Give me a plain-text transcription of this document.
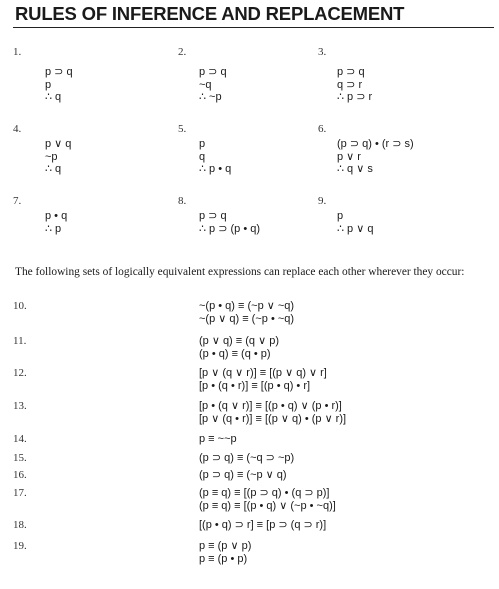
RULES OF INFERENCE AND REPLACEMENT
The following sets of logically equivalent expressions can replace each other wherever they occur:
1.
p ⊃ q
p
∴ q
2.
p ⊃ q
~q
∴ ~p
3.
p ⊃ q
q ⊃ r
∴ p ⊃ r
4.
p ∨ q
~p
∴ q
5.
p
q
∴ p • q
6.
(p ⊃ q) • (r ⊃ s)
p ∨ r
∴ q ∨ s
7.
p • q
∴ p
8.
p ⊃ q
∴ p ⊃ (p • q)
9.
p
∴ p ∨ q
10.	~(p • q) ≡ (~p ∨ ~q)
~(p ∨ q) ≡ (~p • ~q)
11.	(p ∨ q) ≡ (q ∨ p)
(p • q) ≡ (q • p)
12.	[p ∨ (q ∨ r)] ≡ [(p ∨ q) ∨ r]
[p • (q • r)] ≡ [(p • q) • r]
13.	[p • (q ∨ r)] ≡ [(p • q) ∨ (p • r)]
[p ∨ (q • r)] ≡ [(p ∨ q) • (p ∨ r)]
14.	p ≡ ~~p
15.	(p ⊃ q) ≡ (~q ⊃ ~p)
16.	(p ⊃ q) ≡ (~p ∨ q)
17.	(p ≡ q) ≡ [(p ⊃ q) • (q ⊃ p)]
(p ≡ q) ≡ [(p • q) ∨ (~p • ~q)]
18.	[(p • q) ⊃ r] ≡ [p ⊃ (q ⊃ r)]
19.	p ≡ (p ∨ p)
p ≡ (p • p)
